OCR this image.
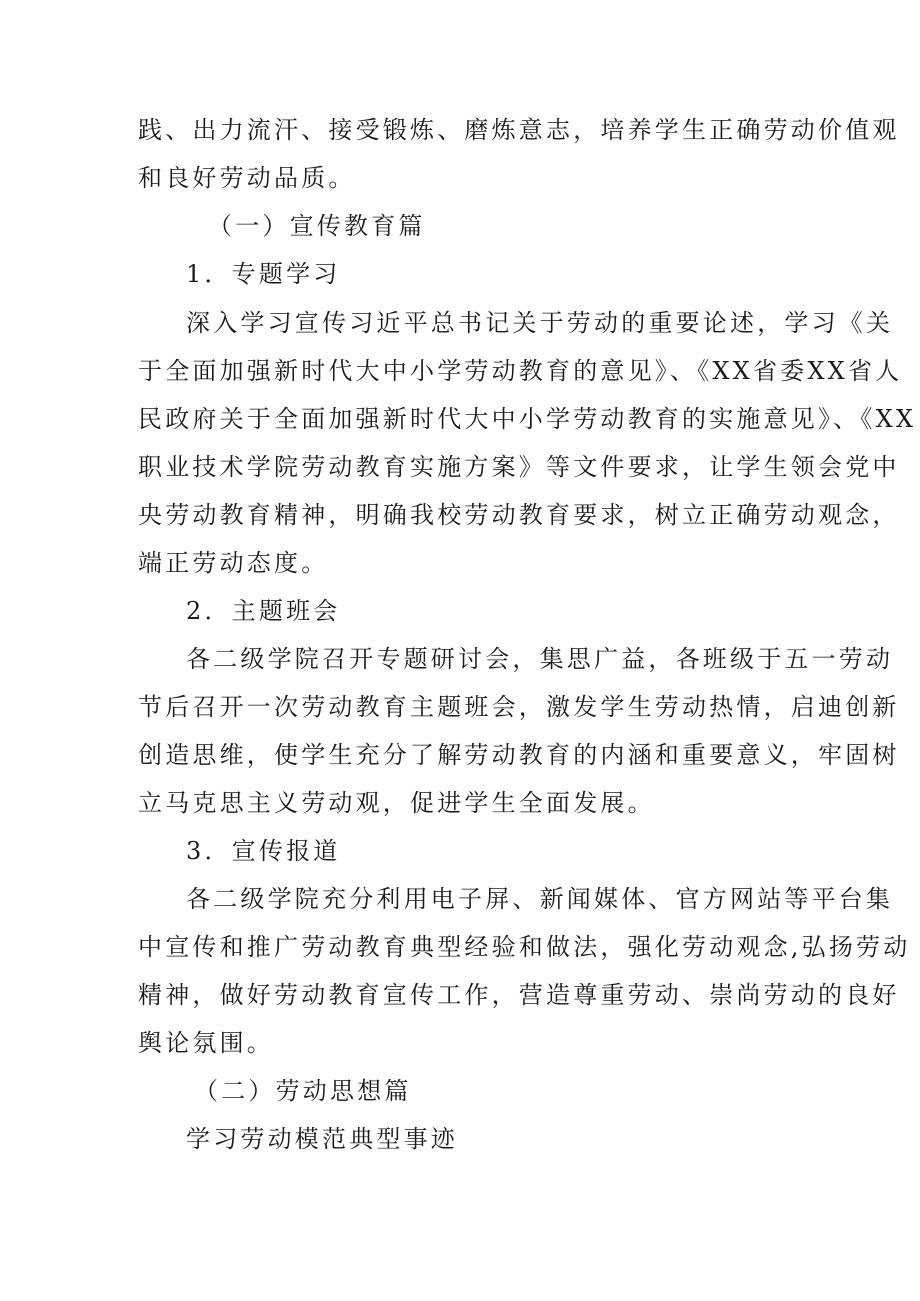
践、出力流汗、接受锻炼、磨炼意志，培养学生正确劳动价值观
和良好劳动品质。
（一）宣传教育篇
1．专题学习
深入学习宣传习近平总书记关于劳动的重要论述，学习《关
于全面加强新时代大中小学劳动教育的意见》、《XX省委XX省人
民政府关于全面加强新时代大中小学劳动教育的实施意见》、《XX
职业技术学院劳动教育实施方案》等文件要求，让学生领会党中
央劳动教育精神，明确我校劳动教育要求，树立正确劳动观念，
端正劳动态度。
2．主题班会
各二级学院召开专题研讨会，集思广益，各班级于五一劳动
节后召开一次劳动教育主题班会，激发学生劳动热情，启迪创新
创造思维，使学生充分了解劳动教育的内涵和重要意义，牢固树
立马克思主义劳动观，促进学生全面发展。
3．宣传报道
各二级学院充分利用电子屏、新闻媒体、官方网站等平台集
中宣传和推广劳动教育典型经验和做法，强化劳动观念,弘扬劳动
精神，做好劳动教育宣传工作，营造尊重劳动、崇尚劳动的良好
舆论氛围。
（二）劳动思想篇
学习劳动模范典型事迹
